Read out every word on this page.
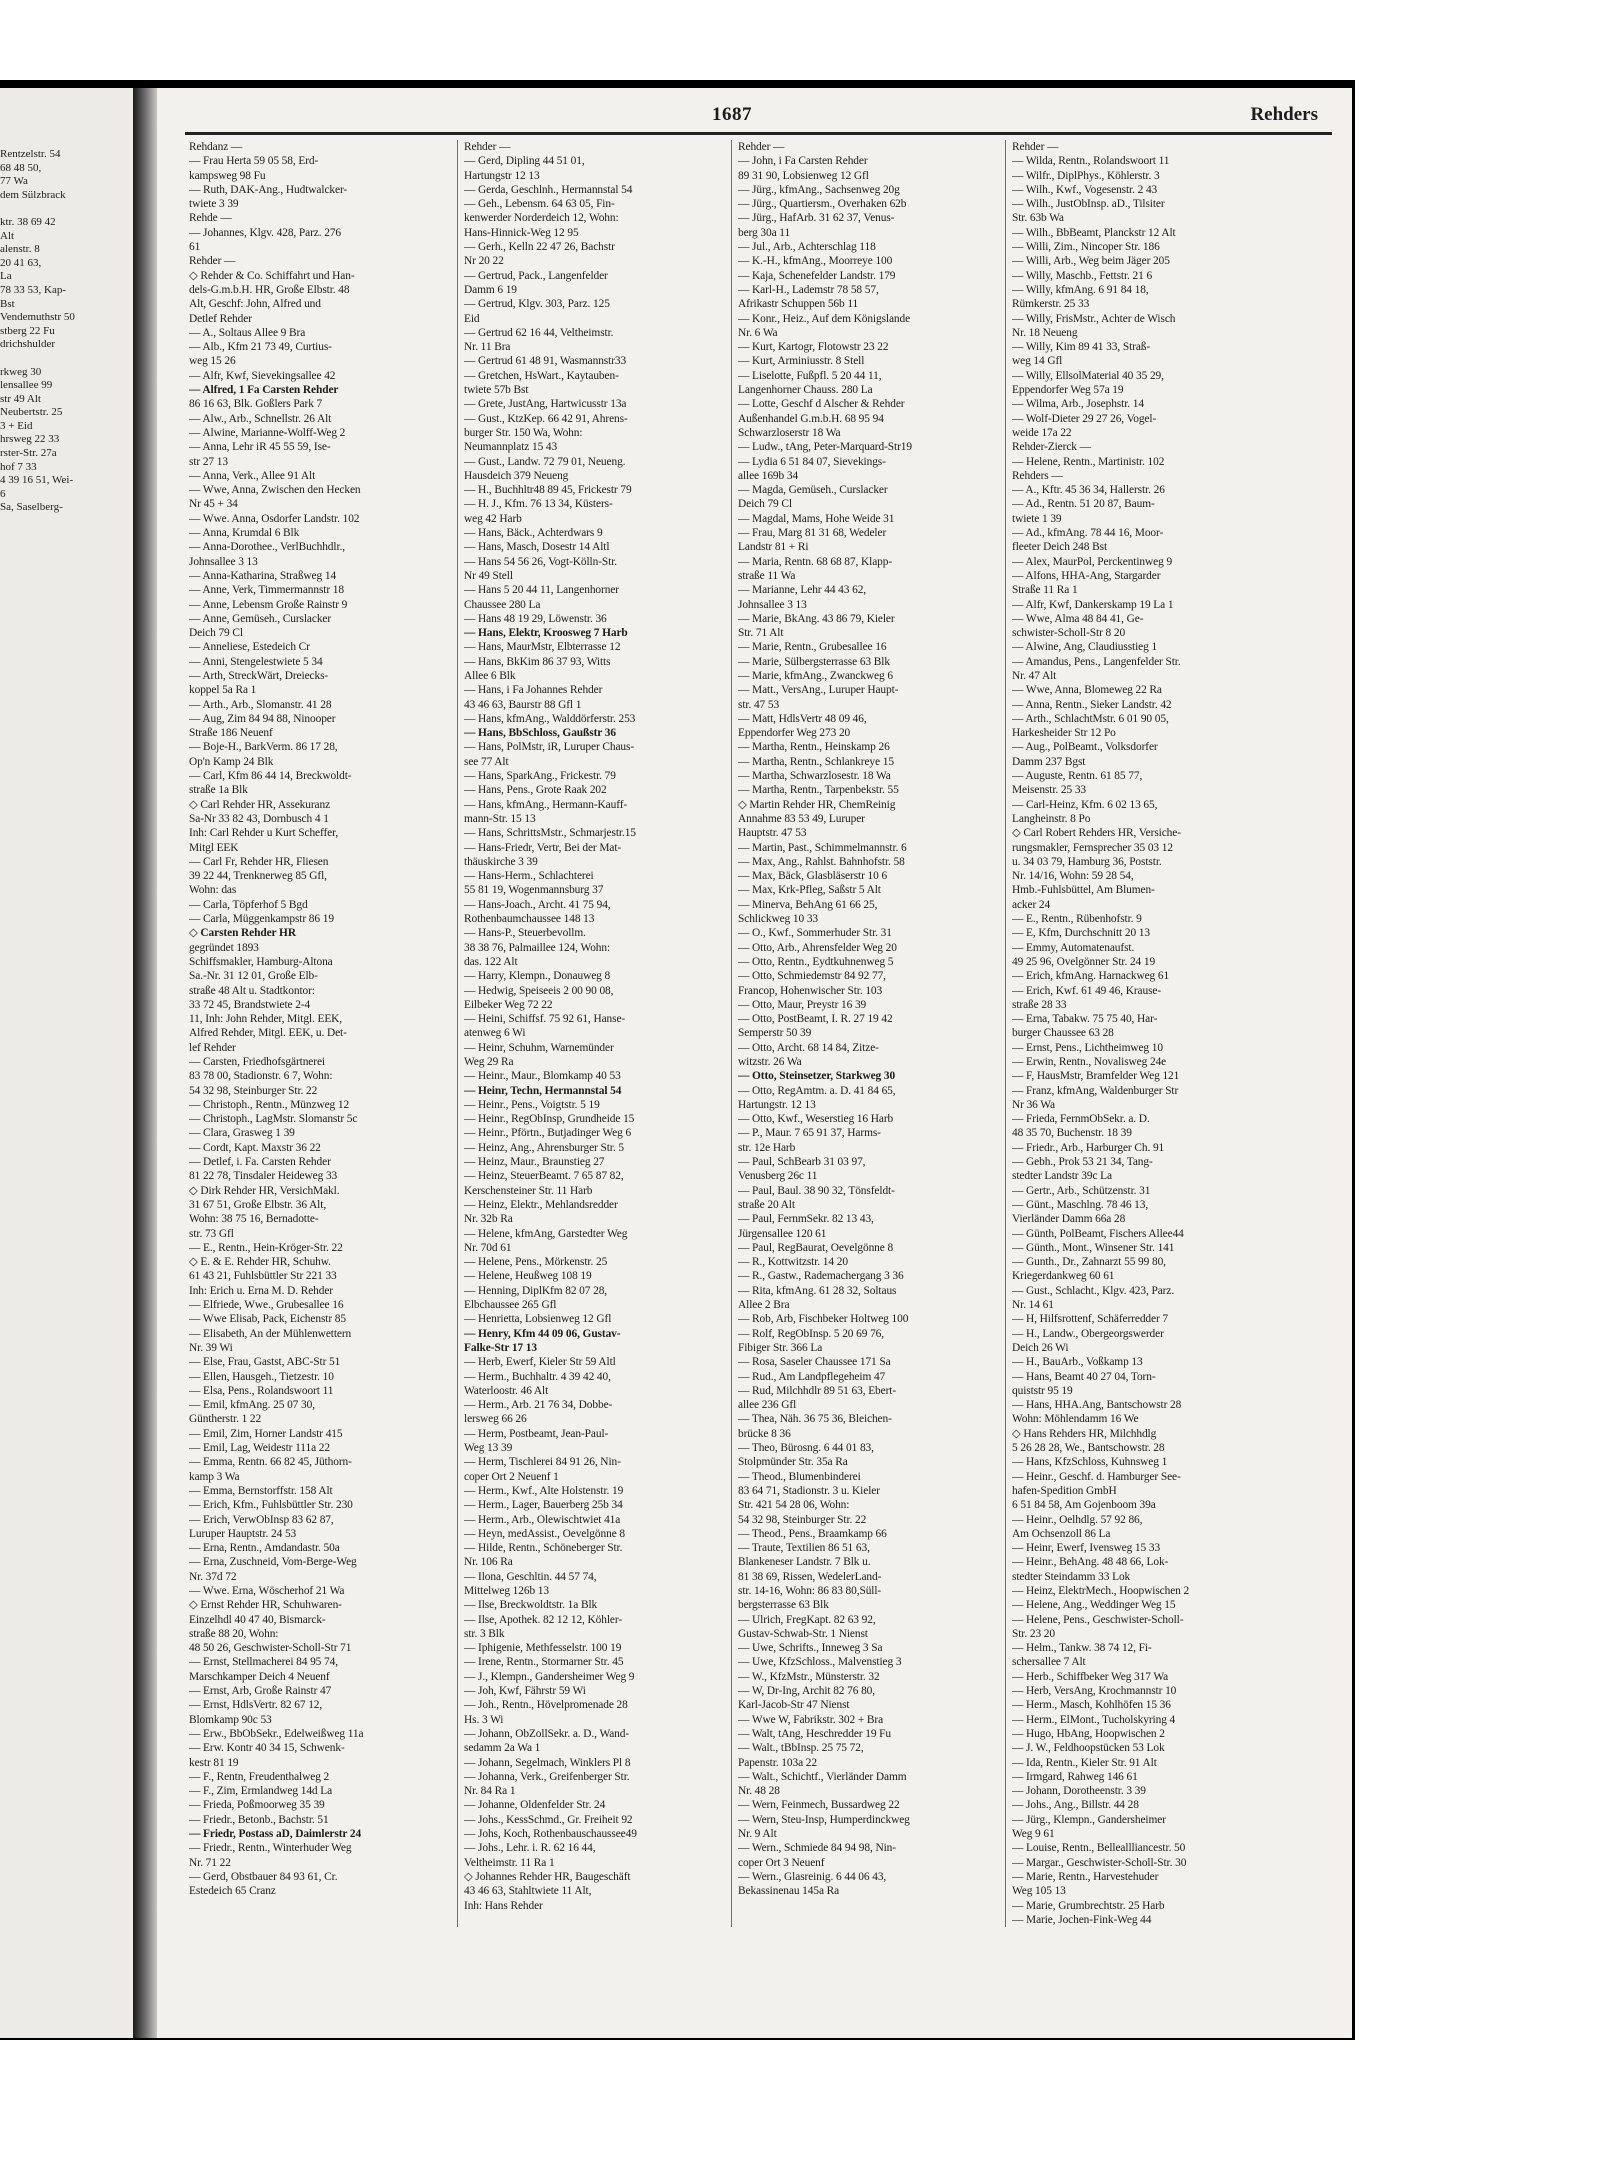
Rentzelstr. 54
68 48 50,
77 Wa
dem Sülzbrack

ktr. 38 69 42
Alt
alenstr. 8
20 41 63,
La
78 33 53, Kap-
Bst
Vendemuthstr 50
stberg 22 Fu
drichshulder

rkweg 30
lensallee 99
str 49 Alt
Neubertstr. 25
3 + Eid
hrsweg 22 33
rster-Str. 27a
hof 7 33
4 39 16 51, Wei-
6
Sa, Saselberg-
1687	Rehders
Rehdanz —
— Frau Herta 59 05 58, Erd-
kampsweg 98 Fu
— Ruth, DAK-Ang., Hudtwalcker-
twiete 3 39
Rehde —
— Johannes, Klgv. 428, Parz. 276
61
Rehder —
◇ Rehder & Co. Schiffahrt und Han-
dels-G.m.b.H. HR, Große Elbstr. 48
Alt, Geschf: John, Alfred und
Detlef Rehder
— A., Soltaus Allee 9 Bra
— Alb., Kfm 21 73 49, Curtius-
weg 15 26
— Alfr, Kwf, Sievekingsallee 42
— Alfred, 1 Fa Carsten Rehder
86 16 63, Blk. Goßlers Park 7
— Alw., Arb., Schnellstr. 26 Alt
— Alwine, Marianne-Wolff-Weg 2
— Anna, Lehr iR 45 55 59, Ise-
str 27 13
— Anna, Verk., Allee 91 Alt
— Wwe, Anna, Zwischen den Hecken
Nr 45 + 34
— Wwe. Anna, Osdorfer Landstr. 102
— Anna, Krumdal 6 Blk
— Anna-Dorothee., VerlBuchhdlr.,
Johnsallee 3 13
— Anna-Katharina, Straßweg 14
— Anne, Verk, Timmermannstr 18
— Anne, Lebensm Große Rainstr 9
— Anne, Gemüseh., Curslacker
Deich 79 Cl
— Anneliese, Estedeich Cr
— Anni, Stengelestwiete 5 34
— Arth, StreckWärt, Dreiecks-
koppel 5a Ra 1
— Arth., Arb., Slomanstr. 41 28
— Aug, Zim 84 94 88, Ninooper
Straße 186 Neuenf
— Boje-H., BarkVerm. 86 17 28,
Op'n Kamp 24 Blk
— Carl, Kfm 86 44 14, Breckwoldt-
straße 1a Blk
◇ Carl Rehder HR, Assekuranz
Sa-Nr 33 82 43, Dornbusch 4 1
Inh: Carl Rehder u Kurt Scheffer,
Mitgl EEK
— Carl Fr, Rehder HR, Fliesen
39 22 44, Trenknerweg 85 Gfl,
Wohn: das
— Carla, Töpferhof 5 Bgd
— Carla, Müggenkampstr 86 19
◇ Carsten Rehder HR
gegründet 1893
Schiffsmakler, Hamburg-Altona
Sa.-Nr. 31 12 01, Große Elb-
straße 48 Alt u. Stadtkontor:
33 72 45, Brandstwiete 2-4
11, Inh: John Rehder, Mitgl. EEK,
Alfred Rehder, Mitgl. EEK, u. Det-
lef Rehder
— Carsten, Friedhofsgärtnerei
83 78 00, Stadionstr. 6 7, Wohn:
54 32 98, Steinburger Str. 22
— Christoph., Rentn., Münzweg 12
— Christoph., LagMstr. Slomanstr 5c
— Clara, Grasweg 1 39
— Cordt, Kapt. Maxstr 36 22
— Detlef, i. Fa. Carsten Rehder
81 22 78, Tinsdaler Heideweg 33
◇ Dirk Rehder HR, VersichMakl.
31 67 51, Große Elbstr. 36 Alt,
Wohn: 38 75 16, Bernadotte-
str. 73 Gfl
— E., Rentn., Hein-Kröger-Str. 22
◇ E. & E. Rehder HR, Schuhw.
61 43 21, Fuhlsbüttler Str 221 33
Inh: Erich u. Erna M. D. Rehder
— Elfriede, Wwe., Grubesallee 16
— Wwe Elisab, Pack, Eichenstr 85
— Elisabeth, An der Mühlenwettern
Nr. 39 Wi
— Else, Frau, Gastst, ABC-Str 51
— Ellen, Hausgeh., Tietzestr. 10
— Elsa, Pens., Rolandswoort 11
— Emil, kfmAng. 25 07 30,
Güntherstr. 1 22
— Emil, Zim, Horner Landstr 415
— Emil, Lag, Weidestr 111a 22
— Emma, Rentn. 66 82 45, Jüthorn-
kamp 3 Wa
— Emma, Bernstorffstr. 158 Alt
— Erich, Kfm., Fuhlsbüttler Str. 230
— Erich, VerwObInsp 83 62 87,
Luruper Hauptstr. 24 53
— Erna, Rentn., Amdandastr. 50a
— Erna, Zuschneid, Vom-Berge-Weg
Nr. 37d 72
— Wwe. Erna, Wöscherhof 21 Wa
◇ Ernst Rehder HR, Schuhwaren-
Einzelhdl 40 47 40, Bismarck-
straße 88 20, Wohn:
48 50 26, Geschwister-Scholl-Str 71
— Ernst, Stellmacherei 84 95 74,
Marschkamper Deich 4 Neuenf
— Ernst, Arb, Große Rainstr 47
— Ernst, HdlsVertr. 82 67 12,
Blomkamp 90c 53
— Erw., BbObSekr., Edelweißweg 11a
— Erw. Kontr 40 34 15, Schwenk-
kestr 81 19
— F., Rentn, Freudenthalweg 2
— F., Zim, Ermlandweg 14d La
— Frieda, Poßmoorweg 35 39
— Friedr., Betonb., Bachstr. 51
— Friedr, Postass aD, Daimlerstr 24
— Friedr., Rentn., Winterhuder Weg
Nr. 71 22
— Gerd, Obstbauer 84 93 61, Cr.
Estedeich 65 Cranz
Rehder —
— Gerd, Dipling 44 51 01,
Hartungstr 12 13
— Gerda, Geschlnh., Hermannstal 54
— Geh., Lebensm. 64 63 05, Fin-
kenwerder Norderdeich 12, Wohn:
Hans-Hinnick-Weg 12 95
— Gerh., Kelln 22 47 26, Bachstr
Nr 20 22
— Gertrud, Pack., Langenfelder
Damm 6 19
— Gertrud, Klgv. 303, Parz. 125
Eid
— Gertrud 62 16 44, Veltheimstr.
Nr. 11 Bra
— Gertrud 61 48 91, Wasmannstr33
— Gretchen, HsWart., Kaytauben-
twiete 57b Bst
— Grete, JustAng, Hartwicusstr 13a
— Gust., KtzKep. 66 42 91, Ahrens-
burger Str. 150 Wa, Wohn:
Neumannplatz 15 43
— Gust., Landw. 72 79 01, Neueng.
Hausdeich 379 Neueng
— H., Buchhltr48 89 45, Frickestr 79
— H. J., Kfm. 76 13 34, Küsters-
weg 42 Harb
— Hans, Bäck., Achterdwars 9
— Hans, Masch, Dosestr 14 Altl
— Hans 54 56 26, Vogt-Kölln-Str.
Nr 49 Stell
— Hans 5 20 44 11, Langenhorner
Chaussee 280 La
— Hans 48 19 29, Löwenstr. 36
— Hans, Elektr, Kroosweg 7 Harb
— Hans, MaurMstr, Elbterrasse 12
— Hans, BkKim 86 37 93, Witts
Allee 6 Blk
— Hans, i Fa Johannes Rehder
43 46 63, Baurstr 88 Gfl 1
— Hans, kfmAng., Walddörferstr. 253
— Hans, BbSchloss, Gaußstr 36
— Hans, PolMstr, iR, Luruper Chaus-
see 77 Alt
— Hans, SparkAng., Frickestr. 79
— Hans, Pens., Grote Raak 202
— Hans, kfmAng., Hermann-Kauff-
mann-Str. 15 13
— Hans, SchrittsMstr., Schmarjestr.15
— Hans-Friedr, Vertr, Bei der Mat-
thäuskirche 3 39
— Hans-Herm., Schlachterei
55 81 19, Wogenmannsburg 37
— Hans-Joach., Archt. 41 75 94,
Rothenbaumchaussee 148 13
— Hans-P., Steuerbevollm.
38 38 76, Palmaillee 124, Wohn:
das. 122 Alt
— Harry, Klempn., Donauweg 8
— Hedwig, Speiseeis 2 00 90 08,
Eilbeker Weg 72 22
— Heini, Schiffsf. 75 92 61, Hanse-
atenweg 6 Wi
— Heinr, Schuhm, Warnemünder
Weg 29 Ra
— Heinr., Maur., Blomkamp 40 53
— Heinr, Techn, Hermannstal 54
— Heinr., Pens., Voigtstr. 5 19
— Heinr., RegObInsp, Grundheide 15
— Heinr., Pförtn., Butjadinger Weg 6
— Heinz, Ang., Ahrensburger Str. 5
— Heinz, Maur., Braunstieg 27
— Heinz, SteuerBeamt. 7 65 87 82,
Kerschensteiner Str. 11 Harb
— Heinz, Elektr., Mehlandsredder
Nr. 32b Ra
— Helene, kfmAng, Garstedter Weg
Nr. 70d 61
— Helene, Pens., Mörkenstr. 25
— Helene, Heußweg 108 19
— Henning, DiplKfm 82 07 28,
Elbchaussee 265 Gfl
— Henrietta, Lobsienweg 12 Gfl
— Henry, Kfm 44 09 06, Gustav-
Falke-Str 17 13
— Herb, Ewerf, Kieler Str 59 Altl
— Herm., Buchhaltr. 4 39 42 40,
Waterloostr. 46 Alt
— Herm., Arb. 21 76 34, Dobbe-
lersweg 66 26
— Herm, Postbeamt, Jean-Paul-
Weg 13 39
— Herm, Tischlerei 84 91 26, Nin-
coper Ort 2 Neuenf 1
— Herm., Kwf., Alte Holstenstr. 19
— Herm., Lager, Bauerberg 25b 34
— Herm., Arb., Olewischtwiet 41a
— Heyn, medAssist., Oevelgönne 8
— Hilde, Rentn., Schöneberger Str.
Nr. 106 Ra
— Ilona, Geschltin. 44 57 74,
Mittelweg 126b 13
— Ilse, Breckwoldtstr. 1a Blk
— Ilse, Apothek. 82 12 12, Köhler-
str. 3 Blk
— Iphigenie, Methfesselstr. 100 19
— Irene, Rentn., Stormarner Str. 45
— J., Klempn., Gandersheimer Weg 9
— Joh, Kwf, Fährstr 59 Wi
— Joh., Rentn., Hövelpromenade 28
Hs. 3 Wi
— Johann, ObZollSekr. a. D., Wand-
sedamm 2a Wa 1
— Johann, Segelmach, Winklers Pl 8
— Johanna, Verk., Greifenberger Str.
Nr. 84 Ra 1
— Johanne, Oldenfelder Str. 24
— Johs., KessSchmd., Gr. Freiheit 92
— Johs, Koch, Rothenbauschaussee49
— Johs., Lehr. i. R. 62 16 44,
Veltheimstr. 11 Ra 1
◇ Johannes Rehder HR, Baugeschäft
43 46 63, Stahltwiete 11 Alt,
Inh: Hans Rehder
Rehder —
— John, i Fa Carsten Rehder
89 31 90, Lobsienweg 12 Gfl
— Jürg., kfmAng., Sachsenweg 20g
— Jürg., Quartiersm., Overhaken 62b
— Jürg., HafArb. 31 62 37, Venus-
berg 30a 11
— Jul., Arb., Achterschlag 118
— K.-H., kfmAng., Moorreye 100
— Kaja, Schenefelder Landstr. 179
— Karl-H., Lademstr 78 58 57,
Afrikastr Schuppen 56b 11
— Konr., Heiz., Auf dem Königslande
Nr. 6 Wa
— Kurt, Kartogr, Flotowstr 23 22
— Kurt, Arminiusstr. 8 Stell
— Liselotte, Fußpfl. 5 20 44 11,
Langenhorner Chauss. 280 La
— Lotte, Geschf d Alscher & Rehder
Außenhandel G.m.b.H. 68 95 94
Schwarzloserstr 18 Wa
— Ludw., tAng, Peter-Marquard-Str19
— Lydia 6 51 84 07, Sievekings-
allee 169b 34
— Magda, Gemüseh., Curslacker
Deich 79 Cl
— Magdal, Mams, Hohe Weide 31
— Frau, Marg 81 31 68, Wedeler
Landstr 81 + Ri
— Maria, Rentn. 68 68 87, Klapp-
straße 11 Wa
— Marianne, Lehr 44 43 62,
Johnsallee 3 13
— Marie, BkAng. 43 86 79, Kieler
Str. 71 Alt
— Marie, Rentn., Grubesallee 16
— Marie, Sülbergsterrasse 63 Blk
— Marie, kfmAng., Zwanckweg 6
— Matt., VersAng., Luruper Haupt-
str. 47 53
— Matt, HdlsVertr 48 09 46,
Eppendorfer Weg 273 20
— Martha, Rentn., Heinskamp 26
— Martha, Rentn., Schlankreye 15
— Martha, Schwarzlosestr. 18 Wa
— Martha, Rentn., Tarpenbekstr. 55
◇ Martin Rehder HR, ChemReinig
Annahme 83 53 49, Luruper
Hauptstr. 47 53
— Martin, Past., Schimmelmannstr. 6
— Max, Ang., Rahlst. Bahnhofstr. 58
— Max, Bäck, Glasbläserstr 10 6
— Max, Krk-Pfleg, Saßstr 5 Alt
— Minerva, BehAng 61 66 25,
Schlickweg 10 33
— O., Kwf., Sommerhuder Str. 31
— Otto, Arb., Ahrensfelder Weg 20
— Otto, Rentn., Eydtkuhnenweg 5
— Otto, Schmiedemstr 84 92 77,
Francop, Hohenwischer Str. 103
— Otto, Maur, Preystr 16 39
— Otto, PostBeamt, I. R. 27 19 42
Semperstr 50 39
— Otto, Archt. 68 14 84, Zitze-
witzstr. 26 Wa
— Otto, Steinsetzer, Starkweg 30
— Otto, RegAmtm. a. D. 41 84 65,
Hartungstr. 12 13
— Otto, Kwf., Weserstieg 16 Harb
— P., Maur. 7 65 91 37, Harms-
str. 12e Harb
— Paul, SchBearb 31 03 97,
Venusberg 26c 11
— Paul, Baul. 38 90 32, Tönsfeldt-
straße 20 Alt
— Paul, FernmSekr. 82 13 43,
Jürgensallee 120 61
— Paul, RegBaurat, Oevelgönne 8
— R., Kottwitzstr. 14 20
— R., Gastw., Rademachergang 3 36
— Rita, kfmAng. 61 28 32, Soltaus
Allee 2 Bra
— Rob, Arb, Fischbeker Holtweg 100
— Rolf, RegObInsp. 5 20 69 76,
Fibiger Str. 366 La
— Rosa, Saseler Chaussee 171 Sa
— Rud., Am Landpflegeheim 47
— Rud, Milchhdlr 89 51 63, Ebert-
allee 236 Gfl
— Thea, Näh. 36 75 36, Bleichen-
brücke 8 36
— Theo, Bürosng. 6 44 01 83,
Stolpmünder Str. 35a Ra
— Theod., Blumenbinderei
83 64 71, Stadionstr. 3 u. Kieler
Str. 421 54 28 06, Wohn:
54 32 98, Steinburger Str. 22
— Theod., Pens., Braamkamp 66
— Traute, Textilien 86 51 63,
Blankeneser Landstr. 7 Blk u.
81 38 69, Rissen, WedelerLand-
str. 14-16, Wohn: 86 83 80,Süll-
bergsterrasse 63 Blk
— Ulrich, FregKapt. 82 63 92,
Gustav-Schwab-Str. 1 Nienst
— Uwe, Schrifts., Inneweg 3 Sa
— Uwe, KfzSchloss., Malvenstieg 3
— W., KfzMstr., Münsterstr. 32
— W, Dr-Ing, Archit 82 76 80,
Karl-Jacob-Str 47 Nienst
— Wwe W, Fabrikstr. 302 + Bra
— Walt, tAng, Heschredder 19 Fu
— Walt., tBbInsp. 25 75 72,
Papenstr. 103a 22
— Walt., Schichtf., Vierländer Damm
Nr. 48 28
— Wern, Feinmech, Bussardweg 22
— Wern, Steu-Insp, Humperdinckweg
Nr. 9 Alt
— Wern., Schmiede 84 94 98, Nin-
coper Ort 3 Neuenf
— Wern., Glasreinig. 6 44 06 43,
Bekassinenau 145a Ra
Rehder —
— Wilda, Rentn., Rolandswoort 11
— Wilfr., DiplPhys., Köhlerstr. 3
— Wilh., Kwf., Vogesenstr. 2 43
— Wilh., JustObInsp. aD., Tilsiter
Str. 63b Wa
— Wilh., BbBeamt, Planckstr 12 Alt
— Willi, Zim., Nincoper Str. 186
— Willi, Arb., Weg beim Jäger 205
— Willy, Maschb., Fettstr. 21 6
— Willy, kfmAng. 6 91 84 18,
Rümkerstr. 25 33
— Willy, FrisMstr., Achter de Wisch
Nr. 18 Neueng
— Willy, Kim 89 41 33, Straß-
weg 14 Gfl
— Willy, EllsolMaterial 40 35 29,
Eppendorfer Weg 57a 19
— Wilma, Arb., Josephstr. 14
— Wolf-Dieter 29 27 26, Vogel-
weide 17a 22
Rehder-Zierck —
— Helene, Rentn., Martinistr. 102
Rehders —
— A., Kftr. 45 36 34, Hallerstr. 26
— Ad., Rentn. 51 20 87, Baum-
twiete 1 39
— Ad., kfmAng. 78 44 16, Moor-
fleeter Deich 248 Bst
— Alex, MaurPol, Perckentinweg 9
— Alfons, HHA-Ang, Stargarder
Straße 11 Ra 1
— Alfr, Kwf, Dankerskamp 19 La 1
— Wwe, Alma 48 84 41, Ge-
schwister-Scholl-Str 8 20
— Alwine, Ang, Claudiusstieg 1
— Amandus, Pens., Langenfelder Str.
Nr. 47 Alt
— Wwe, Anna, Blomeweg 22 Ra
— Anna, Rentn., Sieker Landstr. 42
— Arth., SchlachtMstr. 6 01 90 05,
Harkesheider Str 12 Po
— Aug., PolBeamt., Volksdorfer
Damm 237 Bgst
— Auguste, Rentn. 61 85 77,
Meisenstr. 25 33
— Carl-Heinz, Kfm. 6 02 13 65,
Langheinstr. 8 Po
◇ Carl Robert Rehders HR, Versiche-
rungsmakler, Fernsprecher 35 03 12
u. 34 03 79, Hamburg 36, Poststr.
Nr. 14/16, Wohn: 59 28 54,
Hmb.-Fuhlsbüttel, Am Blumen-
acker 24
— E., Rentn., Rübenhofstr. 9
— E, Kfm, Durchschnitt 20 13
— Emmy, Automatenaufst.
49 25 96, Ovelgönner Str. 24 19
— Erich, kfmAng. Harnackweg 61
— Erich, Kwf. 61 49 46, Krause-
straße 28 33
— Erna, Tabakw. 75 75 40, Har-
burger Chaussee 63 28
— Ernst, Pens., Lichtheimweg 10
— Erwin, Rentn., Novalisweg 24e
— F, HausMstr, Bramfelder Weg 121
— Franz, kfmAng, Waldenburger Str
Nr 36 Wa
— Frieda, FernmObSekr. a. D.
48 35 70, Buchenstr. 18 39
— Friedr., Arb., Harburger Ch. 91
— Gebh., Prok 53 21 34, Tang-
stedter Landstr 39c La
— Gertr., Arb., Schützenstr. 31
— Günt., Maschlng. 78 46 13,
Vierländer Damm 66a 28
— Günth, PolBeamt, Fischers Allee44
— Günth., Mont., Winsener Str. 141
— Gunth., Dr., Zahnarzt 55 99 80,
Kriegerdankweg 60 61
— Gust., Schlacht., Klgv. 423, Parz.
Nr. 14 61
— H, Hilfsrottenf, Schäferredder 7
— H., Landw., Obergeorgswerder
Deich 26 Wi
— H., BauArb., Voßkamp 13
— Hans, Beamt 40 27 04, Torn-
quiststr 95 19
— Hans, HHA.Ang, Bantschowstr 28
Wohn: Möhlendamm 16 We
◇ Hans Rehders HR, Milchhdlg
5 26 28 28, We., Bantschowstr. 28
— Hans, KfzSchloss, Kuhnsweg 1
— Heinr., Geschf. d. Hamburger See-
hafen-Spedition GmbH
6 51 84 58, Am Gojenboom 39a
— Heinr., Oelhdlg. 57 92 86,
Am Ochsenzoll 86 La
— Heinr, Ewerf, Ivensweg 15 33
— Heinr., BehAng. 48 48 66, Lok-
stedter Steindamm 33 Lok
— Heinz, ElektrMech., Hoopwischen 2
— Helene, Ang., Weddinger Weg 15
— Helene, Pens., Geschwister-Scholl-
Str. 23 20
— Helm., Tankw. 38 74 12, Fi-
schersallee 7 Alt
— Herb., Schiffbeker Weg 317 Wa
— Herb, VersAng, Krochmannstr 10
— Herm., Masch, Kohlhöfen 15 36
— Herm., ElMont., Tucholskyring 4
— Hugo, HbAng, Hoopwischen 2
— J. W., Feldhoopstücken 53 Lok
— Ida, Rentn., Kieler Str. 91 Alt
— Irmgard, Rahweg 146 61
— Johann, Dorotheenstr. 3 39
— Johs., Ang., Billstr. 44 28
— Jürg., Klempn., Gandersheimer
Weg 9 61
— Louise, Rentn., Belleallliancestr. 50
— Margar., Geschwister-Scholl-Str. 30
— Marie, Rentn., Harvestehuder
Weg 105 13
— Marie, Grumbrechtstr. 25 Harb
— Marie, Jochen-Fink-Weg 44
